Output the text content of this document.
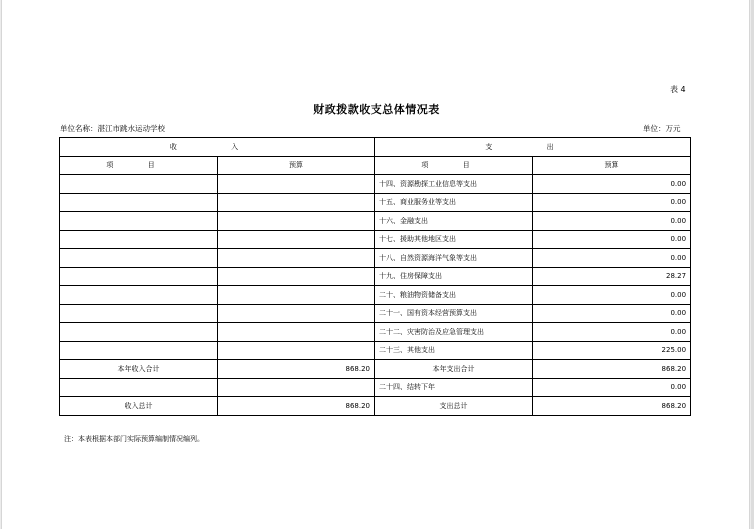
表 4
财政拨款收支总体情况表
单位名称：湛江市跳水运动学校	单位：万元
收 入		支 出	
项 目	预算	项 目	预算
		十四、资源勘探工业信息等支出	0.00
		十五、商业服务业等支出	0.00
		十六、金融支出	0.00
		十七、援助其他地区支出	0.00
		十八、自然资源海洋气象等支出	0.00
		十九、住房保障支出	28.27
		二十、粮油物资储备支出	0.00
		二十一、国有资本经营预算支出	0.00
		二十二、灾害防治及应急管理支出	0.00
		二十三、其他支出	225.00
本年收入合计	868.20	本年支出合计	868.20
		二十四、结转下年	0.00
收入总计	868.20	支出总计	868.20
注：本表根据本部门实际预算编制情况编列。
